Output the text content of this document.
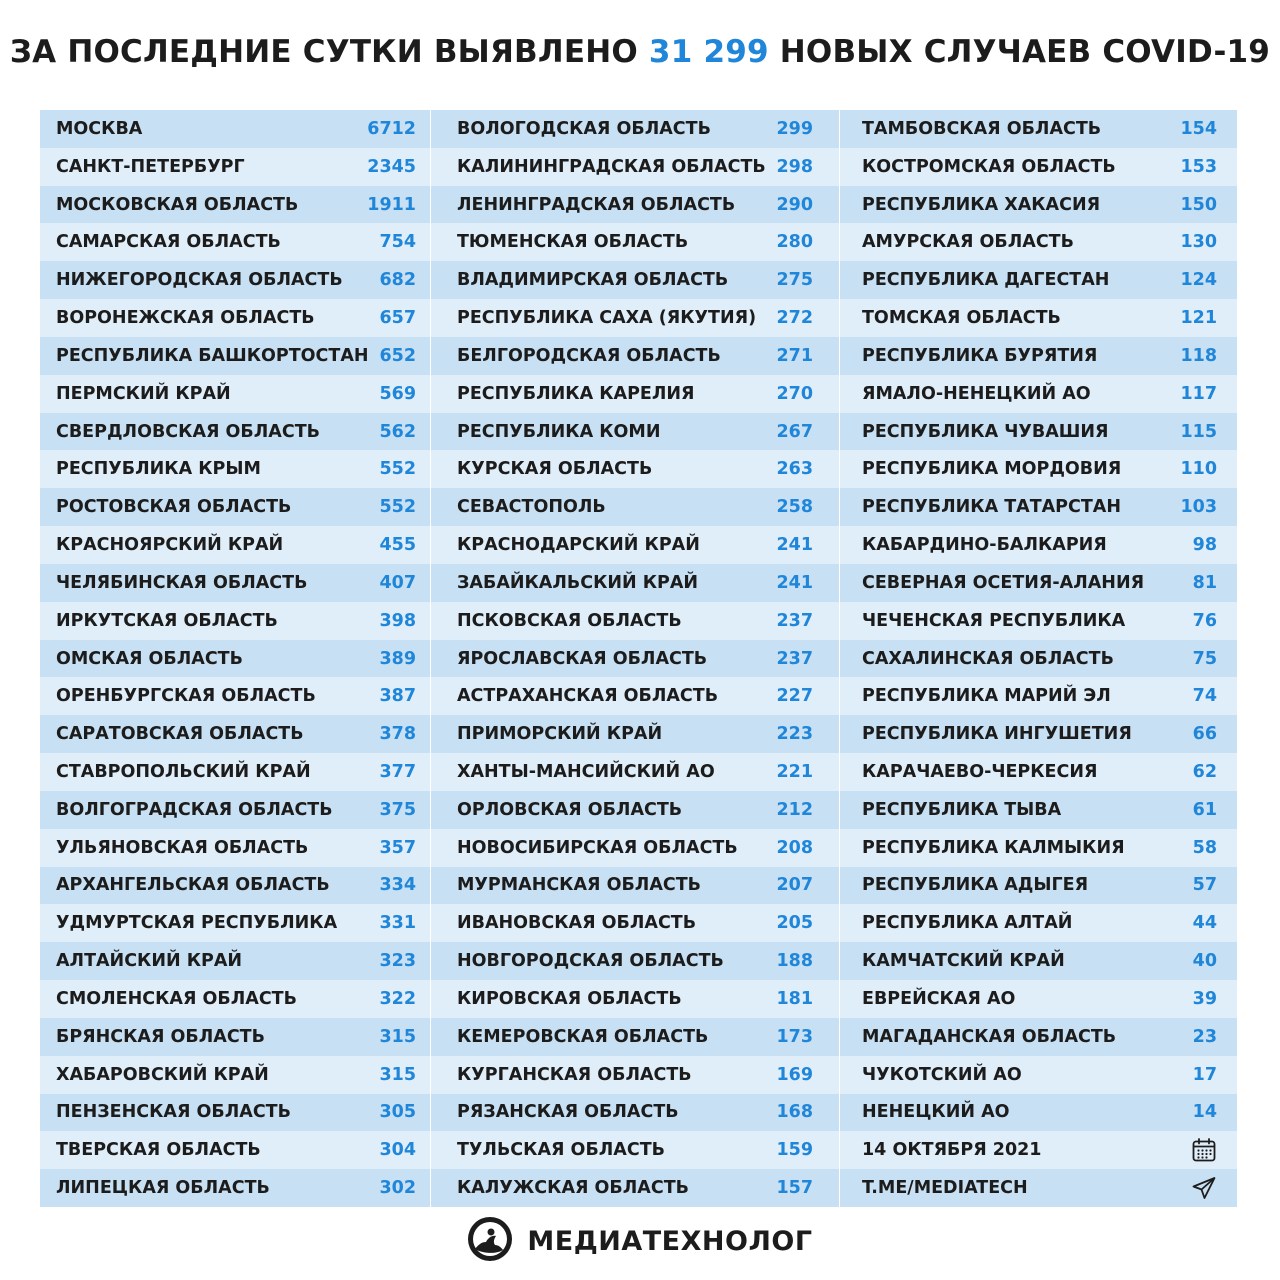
ЗА ПОСЛЕДНИЕ СУТКИ ВЫЯВЛЕНО 31 299 НОВЫХ СЛУЧАЕВ COVID-19
МОСКВА	6712
САНКТ-ПЕТЕРБУРГ	2345
МОСКОВСКАЯ ОБЛАСТЬ	1911
САМАРСКАЯ ОБЛАСТЬ	754
НИЖЕГОРОДСКАЯ ОБЛАСТЬ	682
ВОРОНЕЖСКАЯ ОБЛАСТЬ	657
РЕСПУБЛИКА БАШКОРТОСТАН 652
ПЕРМСКИЙ КРАЙ	569
СВЕРДЛОВСКАЯ ОБЛАСТЬ	562
РЕСПУБЛИКА КРЫМ	552
РОСТОВСКАЯ ОБЛАСТЬ	552
КРАСНОЯРСКИЙ КРАЙ	455
ЧЕЛЯБИНСКАЯ ОБЛАСТЬ	407
ИРКУТСКАЯ ОБЛАСТЬ	398
ОМСКАЯ ОБЛАСТЬ	389
ОРЕНБУРГСКАЯ ОБЛАСТЬ	387
САРАТОВСКАЯ ОБЛАСТЬ	378
СТАВРОПОЛЬСКИЙ КРАЙ	377
ВОЛГОГРАДСКАЯ ОБЛАСТЬ	375
УЛЬЯНОВСКАЯ ОБЛАСТЬ	357
АРХАНГЕЛЬСКАЯ ОБЛАСТЬ	334
УДМУРТСКАЯ РЕСПУБЛИКА	331
АЛТАЙСКИЙ КРАЙ	323
СМОЛЕНСКАЯ ОБЛАСТЬ	322
БРЯНСКАЯ ОБЛАСТЬ	315
ХАБАРОВСКИЙ КРАЙ	315
ПЕНЗЕНСКАЯ ОБЛАСТЬ	305
ТВЕРСКАЯ ОБЛАСТЬ	304
ЛИПЕЦКАЯ ОБЛАСТЬ	302
ВОЛОГОДСКАЯ ОБЛАСТЬ	299
КАЛИНИНГРАДСКАЯ ОБЛАСТЬ 298
ЛЕНИНГРАДСКАЯ ОБЛАСТЬ	290
ТЮМЕНСКАЯ ОБЛАСТЬ	280
ВЛАДИМИРСКАЯ ОБЛАСТЬ	275
РЕСПУБЛИКА САХА (ЯКУТИЯ)	272
БЕЛГОРОДСКАЯ ОБЛАСТЬ	271
РЕСПУБЛИКА КАРЕЛИЯ	270
РЕСПУБЛИКА КОМИ	267
КУРСКАЯ ОБЛАСТЬ	263
СЕВАСТОПОЛЬ	258
КРАСНОДАРСКИЙ КРАЙ	241
ЗАБАЙКАЛЬСКИЙ КРАЙ	241
ПСКОВСКАЯ ОБЛАСТЬ	237
ЯРОСЛАВСКАЯ ОБЛАСТЬ	237
АСТРАХАНСКАЯ ОБЛАСТЬ	227
ПРИМОРСКИЙ КРАЙ	223
ХАНТЫ-МАНСИЙСКИЙ АО	221
ОРЛОВСКАЯ ОБЛАСТЬ	212
НОВОСИБИРСКАЯ ОБЛАСТЬ	208
МУРМАНСКАЯ ОБЛАСТЬ	207
ИВАНОВСКАЯ ОБЛАСТЬ	205
НОВГОРОДСКАЯ ОБЛАСТЬ	188
КИРОВСКАЯ ОБЛАСТЬ	181
КЕМЕРОВСКАЯ ОБЛАСТЬ	173
КУРГАНСКАЯ ОБЛАСТЬ	169
РЯЗАНСКАЯ ОБЛАСТЬ	168
ТУЛЬСКАЯ ОБЛАСТЬ	159
КАЛУЖСКАЯ ОБЛАСТЬ	157
ТАМБОВСКАЯ ОБЛАСТЬ	154
КОСТРОМСКАЯ ОБЛАСТЬ	153
РЕСПУБЛИКА ХАКАСИЯ	150
АМУРСКАЯ ОБЛАСТЬ	130
РЕСПУБЛИКА ДАГЕСТАН	124
ТОМСКАЯ ОБЛАСТЬ	121
РЕСПУБЛИКА БУРЯТИЯ	118
ЯМАЛО-НЕНЕЦКИЙ АО	117
РЕСПУБЛИКА ЧУВАШИЯ	115
РЕСПУБЛИКА МОРДОВИЯ	110
РЕСПУБЛИКА ТАТАРСТАН	103
КАБАРДИНО-БАЛКАРИЯ	98
СЕВЕРНАЯ ОСЕТИЯ-АЛАНИЯ	81
ЧЕЧЕНСКАЯ РЕСПУБЛИКА	76
САХАЛИНСКАЯ ОБЛАСТЬ	75
РЕСПУБЛИКА МАРИЙ ЭЛ	74
РЕСПУБЛИКА ИНГУШЕТИЯ	66
КАРАЧАЕВО-ЧЕРКЕСИЯ	62
РЕСПУБЛИКА ТЫВА	61
РЕСПУБЛИКА КАЛМЫКИЯ	58
РЕСПУБЛИКА АДЫГЕЯ	57
РЕСПУБЛИКА АЛТАЙ	44
КАМЧАТСКИЙ КРАЙ	40
ЕВРЕЙСКАЯ АО	39
МАГАДАНСКАЯ ОБЛАСТЬ	23
ЧУКОТСКИЙ АО	17
НЕНЕЦКИЙ АО	14
14 ОКТЯБРЯ 2021
T.ME/MEDIATECH
МЕДИАТЕХНОЛОГ
